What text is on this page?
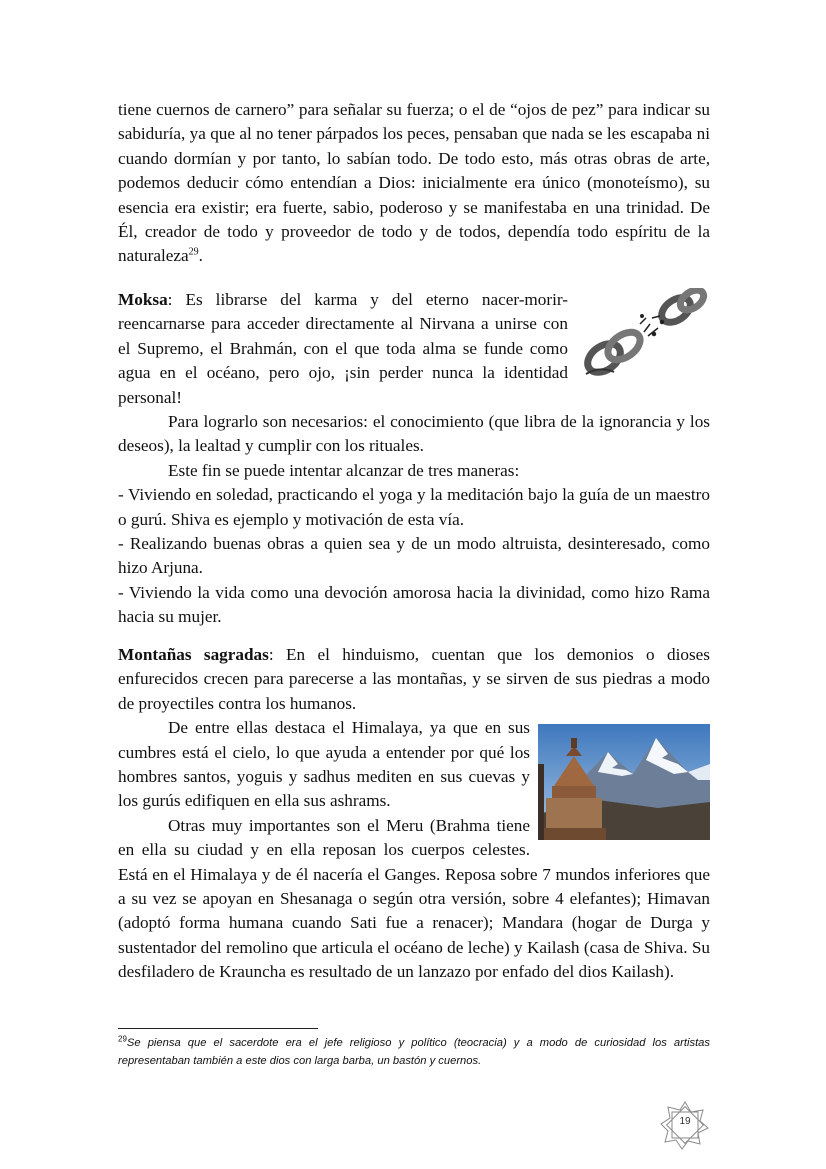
tiene cuernos de carnero” para señalar su fuerza; o el de “ojos de pez” para indicar su sabiduría, ya que al no tener párpados los peces, pensaban que nada se les escapaba ni cuando dormían y por tanto, lo sabían todo. De todo esto, más otras obras de arte, podemos deducir cómo entendían a Dios: inicialmente era único (monoteísmo), su esencia era existir; era fuerte, sabio, poderoso y se manifestaba en una trinidad. De Él, creador de todo y proveedor de todo y de todos, dependía todo espíritu de la naturaleza$^{29}$.

Moksa: Es librarse del karma y del eterno nacer-morir-reencarnarse para acceder directamente al Nirvana a unirse con el Supremo, el Brahmán, con el que toda alma se funde como agua en el océano, pero ojo, ¡sin perder nunca la identidad personal!

Para lograrlo son necesarios: el conocimiento (que libra de la ignorancia y los deseos), la lealtad y cumplir con los rituales.

Este fin se puede intentar alcanzar de tres maneras:

- Viviendo en soledad, practicando el yoga y la meditación bajo la guía de un maestro o gurú. Shiva es ejemplo y motivación de esta vía.

- Realizando buenas obras a quien sea y de un modo altruista, desinteresado, como hizo Arjuna.

- Viviendo la vida como una devoción amorosa hacia la divinidad, como hizo Rama hacia su mujer.

Montañas sagradas: En el hinduismo, cuentan que los demonios o dioses enfurecidos crecen para parecerse a las montañas, y se sirven de sus piedras a modo de proyectiles contra los humanos.

De entre ellas destaca el Himalaya, ya que en sus cumbres está el cielo, lo que ayuda a entender por qué los hombres santos, yoguis y sadhus mediten en sus cuevas y los gurús edifiquen en ella sus ashrams.

Otras muy importantes son el Meru (Brahma tiene en ella su ciudad y en ella reposan los cuerpos celestes. Está en el Himalaya y de él nacería el Ganges. Reposa sobre 7 mundos inferiores que a su vez se apoyan en Shesanaga o según otra versión, sobre 4 elefantes); Himavan (adoptó forma humana cuando Sati fue a renacer); Mandara (hogar de Durga y sustentador del remolino que articula el océano de leche) y Kailash (casa de Shiva. Su desfiladero de Krauncha es resultado de un lanzazo por enfado del dios Kailash).

$^{29}$Se piensa que el sacerdote era el jefe religioso y político (teocracia) y a modo de curiosidad los artistas representaban también a este dios con larga barba, un bastón y cuernos.
19
